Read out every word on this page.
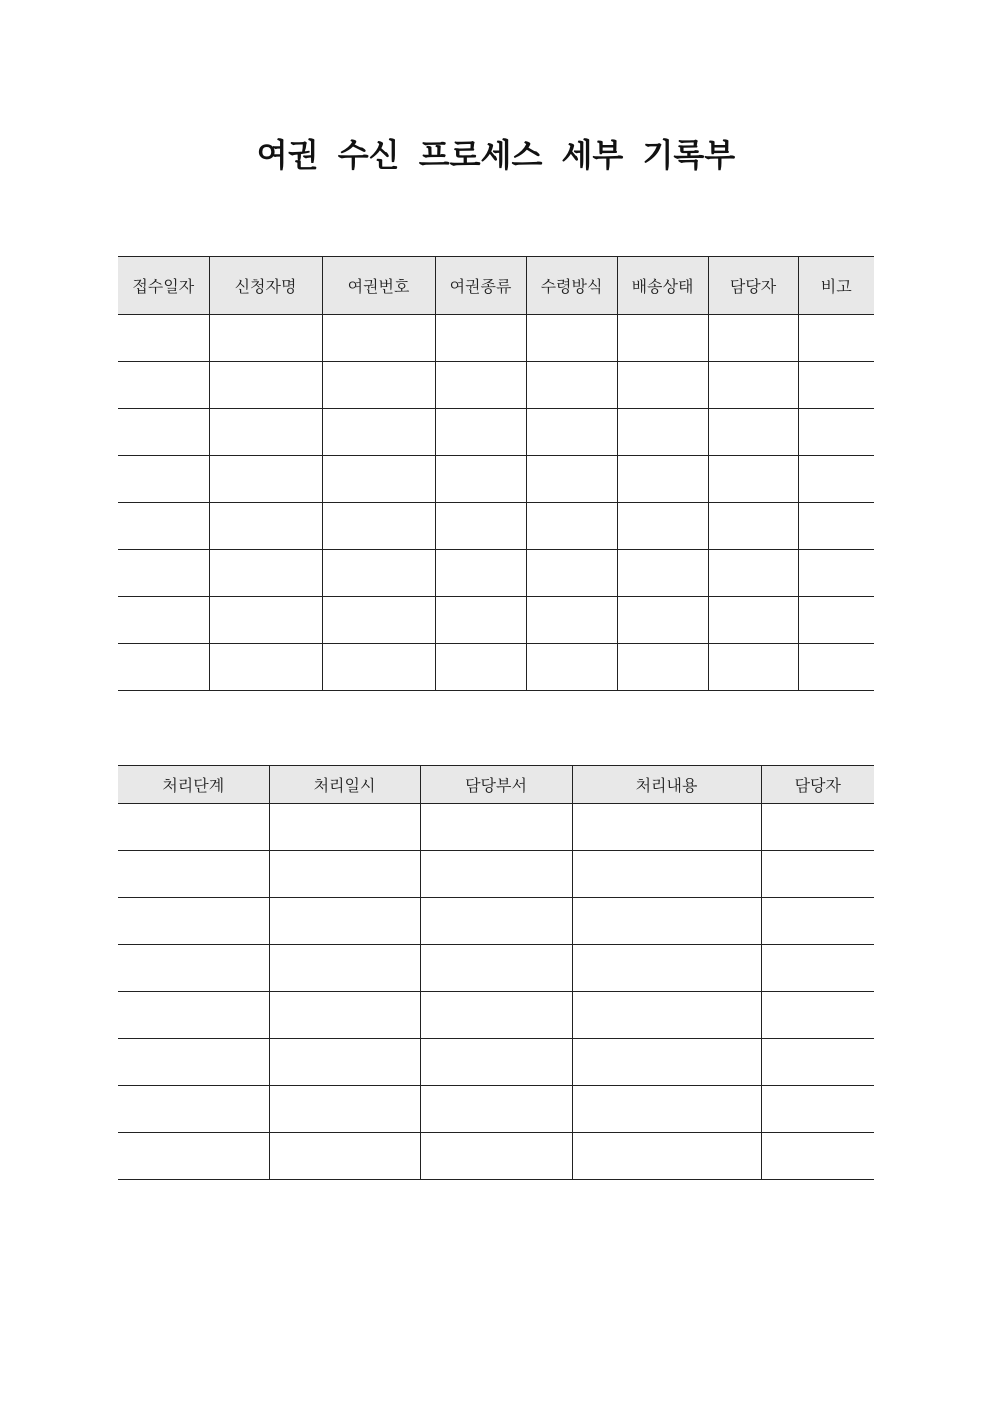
여권 수신 프로세스 세부 기록부
접수일자	신청자명	여권번호	여권종류	수령방식	배송상태	담당자	비고

처리단계	처리일시	담당부서	처리내용	담당자
